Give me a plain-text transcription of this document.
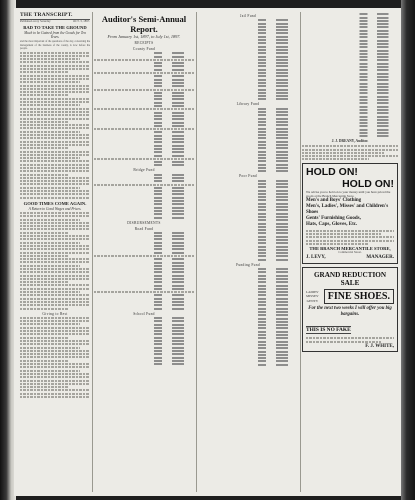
THE TRANSCRIPT.
Published every Saturday	OCT. 3, 1897.
BAD TO TAKE THE GROUND
Much to be Gained from the Goods for Ten Years.
and the most important of the questions of the day, concerning the management of the business of the county, is now before the people.
GOOD TIMES COME AGAIN.
A Return to Good Wages and Prices.
Giving to Rest
Auditor's Semi-Annual Report.
From January 1st, 1897, to July 1st, 1897.
RECEIPTS
County Fund
Bridge Fund
DISBURSEMENTS
Road Fund
School Fund
Jail Fund
Library Fund
Poor Fund
Funding Fund
J. J. DREANY, Auditor.
HOLD ON!
HOLD ON!
We advise you to hold on to your money until you have priced the goods at the Branch Mercantile Store.
Men's and Boys' Clothing
Men's, Ladies', Misses' and Children's Shoes
Gents' Furnishing Goods,
Hats, Caps, Gloves, Etc.
THE BRANCH MERCANTILE STORE,
Commercial Street.
J. LEVY,	MANAGER.
GRAND REDUCTION SALE
LADIES'
MISSES'
GENTS' FINE SHOES.
For the next two weeks I will offer you big bargains.
THIS IS NO FAKE
F. J. WHITE,
